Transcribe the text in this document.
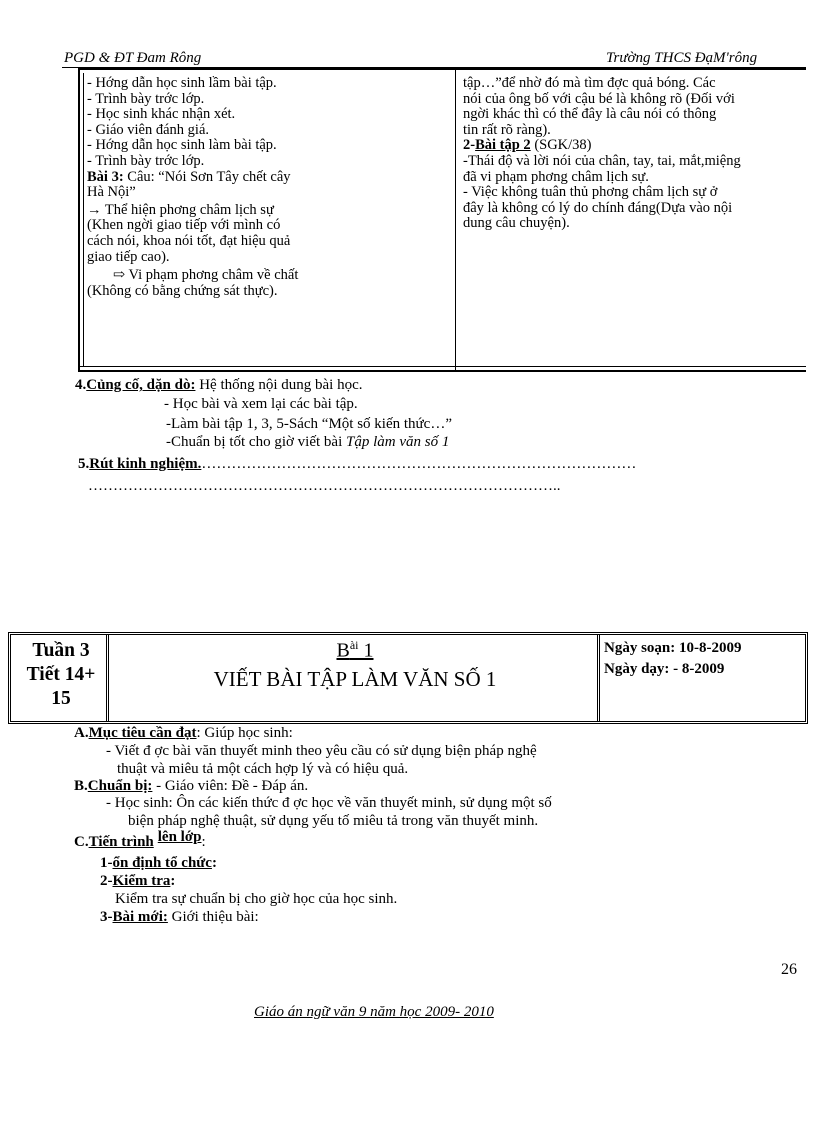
PGD & ĐT Đam Rông	Trường THCS ĐạM'rông
- Hớng dẫn học sinh lầm bài tập.
- Trình bày trớc lớp.
- Học sinh khác nhận xét.
- Giáo viên đánh giá.
- Hớng dẫn học sinh làm bài tập.
- Trình bày trớc lớp.
Bài 3: Câu: “Nói Sơn Tây chết cây
Hà Nội”
→ Thể hiện phơng châm lịch sự
(Khen ngời giao tiếp với mình có
cách nói, khoa nói tốt, đạt hiệu quả
giao tiếp cao).
⇨ Vi phạm phơng châm về chất
(Không có bằng chứng sát thực).
tập…”để nhờ đó mà tìm đợc quả bóng. Các
nói của ông bố với cậu bé là không rõ (Đối với
ngời khác thì có thể đây là câu nói có thông
tin rất rõ ràng).
2-Bài tập 2 (SGK/38)
-Thái độ và lời nói của chân, tay, tai, mắt,miệng
đã vi phạm phơng châm lịch sự.
- Việc không tuân thủ phơng châm lịch sự ở
đây là không có lý do chính đáng(Dựa vào nội
dung câu chuyện).
4.Củng cố, dặn dò: Hệ thống nội dung bài học.
- Học bài và xem lại các bài tập.
-Làm bài tập 1, 3, 5-Sách “Một số kiến thức…”
-Chuẩn bị tốt cho giờ viết bài Tập làm văn số 1
5.Rút kinh nghiệm.……………………………………………………………………………
…………………………………………………………………………………..
Tuần 3
Tiết 14+
15
$B^{ài}$ 1
VIẾT BÀI TẬP LÀM VĂN SỐ 1
Ngày soạn: 10-8-2009
Ngày dạy: - 8-2009
A.Mục tiêu cần đạt: Giúp học sinh:
- Viết đ ợc bài văn thuyết minh theo yêu cầu có sử dụng biện pháp nghệ
thuật và miêu tả một cách hợp lý và có hiệu quả.
B.Chuẩn bị: - Giáo viên: Đề - Đáp án.
- Học sinh: Ôn các kiến thức đ ợc học về văn thuyết minh, sử dụng một số
biện pháp nghệ thuật, sử dụng yếu tố miêu tả trong văn thuyết minh.
C.Tiến trình lên lớp:
1-ổn định tổ chức:
2-Kiểm tra:
Kiểm tra sự chuẩn bị cho giờ học của học sinh.
3-Bài mới: Giới thiệu bài:
26
Giáo án ngữ văn 9 năm học 2009- 2010
